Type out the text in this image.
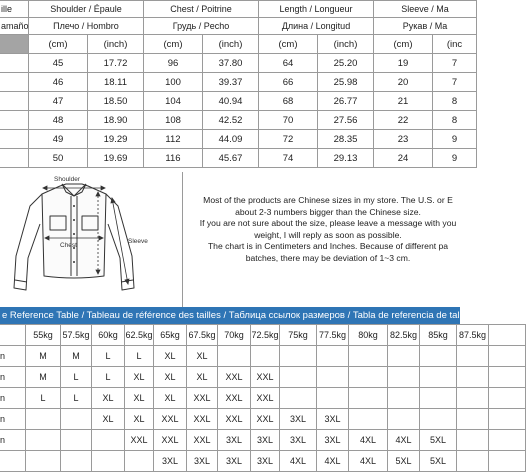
ille	Shoulder / Épaule		Chest / Poitrine		Length / Longueur		Sleeve / Ma	
amaño	Плечо / Hombro		Грудь / Pecho		Длина / Longitud		Рукав / Ma	
	(cm)	(inch)	(cm)	(inch)	(cm)	(inch)	(cm)	(inc
	45	17.72	96	37.80	64	25.20	19	7
	46	18.11	100	39.37	66	25.98	20	7
	47	18.50	104	40.94	68	26.77	21	8
	48	18.90	108	42.52	70	27.56	22	8
	49	19.29	112	44.09	72	28.35	23	9
	50	19.69	116	45.67	74	29.13	24	9
Shoulder
Chest
Sleeve
Most of the products are Chinese sizes in my store. The U.S. or E
about 2-3 numbers bigger than the Chinese size.
If you are not sure about the size, please leave a message with you
weight, I will reply as soon as possible.
The chart is in Centimeters and Inches. Because of different pa
batches, there may be deviation of 1~3 cm.
e Reference Table / Tableau de référence des tailles / Таблица ссылок размеров / Tabla de referencia de tall
	55kg	57.5kg	60kg	62.5kg	65kg	67.5kg	70kg	72.5kg	75kg	77.5kg	80kg	82.5kg	85kg	87.5kg	
n	M	M	L	L	XL	XL									
n	M	L	L	XL	XL	XL	XXL	XXL							
n	L	L	XL	XL	XL	XXL	XXL	XXL							
n			XL	XL	XXL	XXL	XXL	XXL	3XL	3XL					
n				XXL	XXL	XXL	3XL	3XL	3XL	3XL	4XL	4XL	5XL		
					3XL	3XL	3XL	3XL	4XL	4XL	4XL	5XL	5XL		
